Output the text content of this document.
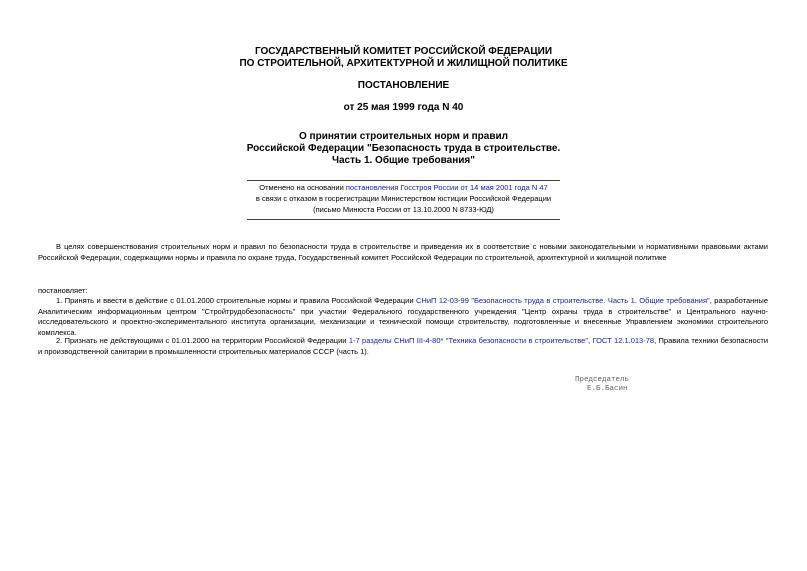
ГОСУДАРСТВЕННЫЙ КОМИТЕТ РОССИЙСКОЙ ФЕДЕРАЦИИ
ПО СТРОИТЕЛЬНОЙ, АРХИТЕКТУРНОЙ И ЖИЛИЩНОЙ ПОЛИТИКЕ
ПОСТАНОВЛЕНИЕ
от 25 мая 1999 года N 40
О принятии строительных норм и правил
Российской Федерации "Безопасность труда в строительстве.
Часть 1. Общие требования"
Отменено на основании постановления Госстроя России от 14 мая 2001 года N 47
в связи с отказом в госрегистрации Министерством юстиции Российской Федерации
(письмо Минюста России от 13.10.2000 N 8733-ЮД)
В целях совершенствования строительных норм и правил по безопасности труда в строительстве и приведения их в соответствие с новыми законодательными и нормативными правовыми актами Российской Федерации, содержащими нормы и правила по охране труда, Государственный комитет Российской Федерации по строительной, архитектурной и жилищной политике
постановляет:
1. Принять и ввести в действие с 01.01.2000 строительные нормы и правила Российской Федерации СНиП 12-03-99 "Безопасность труда в строительстве. Часть 1. Общие требования", разработанные Аналитическим информационным центром "Стройтрудобезопасность" при участии Федерального государственного учреждения "Центр охраны труда в строительстве" и Центрального научно-исследовательского и проектно-экспериментального института организации, механизации и технической помощи строительству, подготовленные и внесенные Управлением экономики строительного комплекса.
2. Признать не действующими с 01.01.2000 на территории Российской Федерации 1-7 разделы СНиП III-4-80* "Техника безопасности в строительстве", ГОСТ 12.1.013-78, Правила техники безопасности и производственной санитарии в промышленности строительных материалов СССР (часть 1).
Председатель
Е.Б.Басин
